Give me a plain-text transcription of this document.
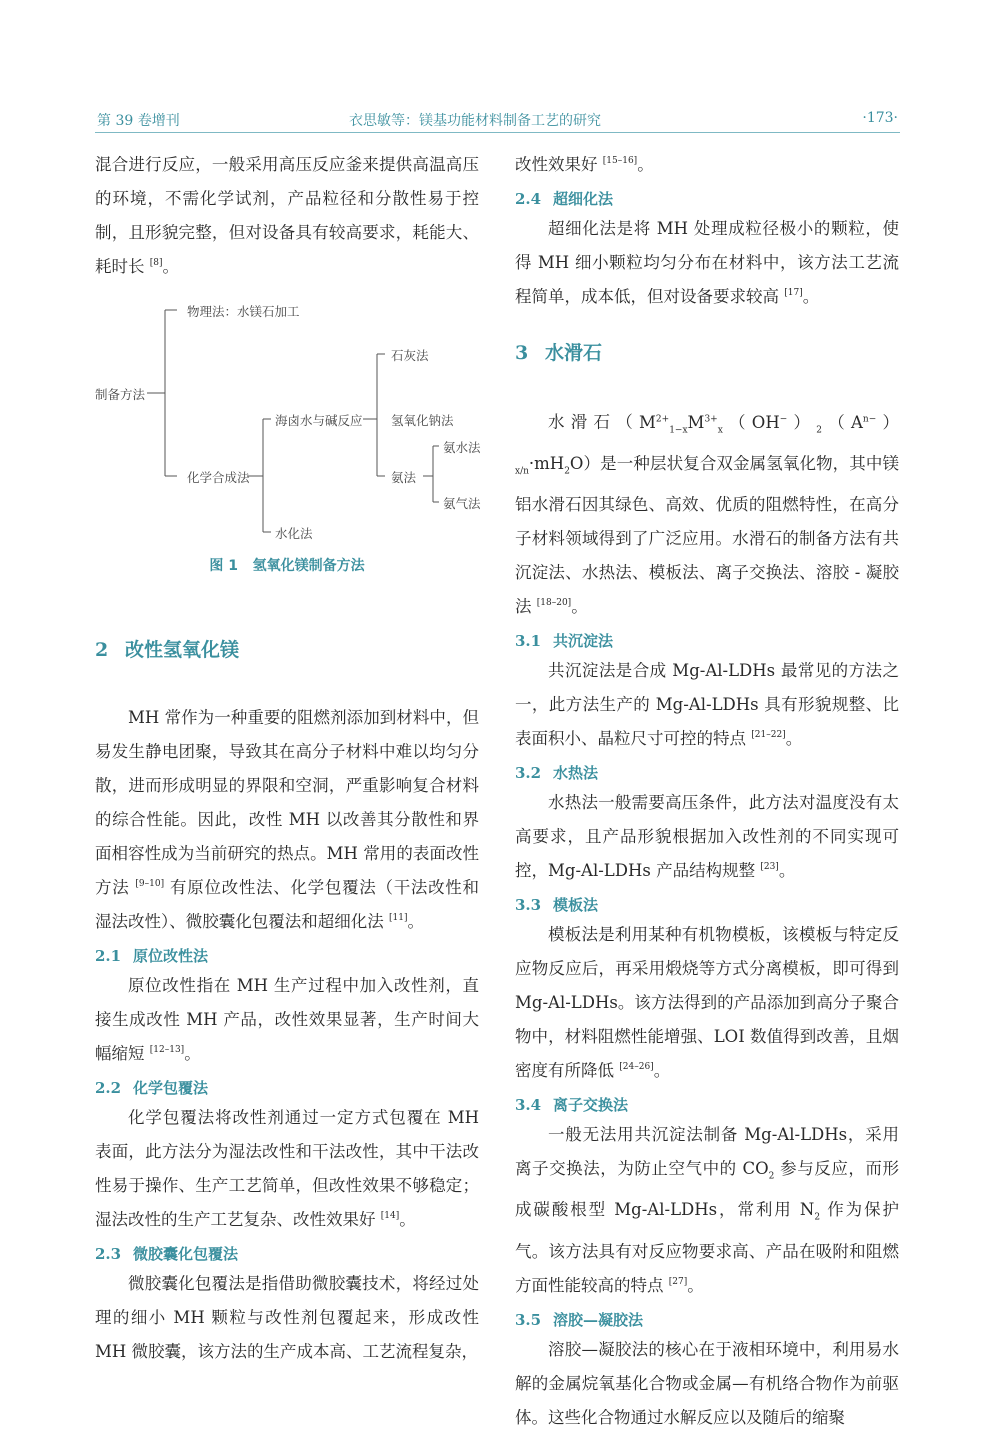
第 39 卷增刊	衣思敏等：镁基功能材料制备工艺的研究	·173·

混合进行反应，一般采用高压反应釜来提供高温高压的环境，不需化学试剂，产品粒径和分散性易于控制，且形貌完整，但对设备具有较高要求，耗能大、耗时长 [8]。

制备方法
物理法：水镁石加工
化学合成法
海卤水与碱反应
石灰法
氢氧化钠法
氨法
氨水法
氨气法
水化法
图 1 氢氧化镁制备方法

2 改性氢氧化镁

MH 常作为一种重要的阻燃剂添加到材料中，但易发生静电团聚，导致其在高分子材料中难以均匀分散，进而形成明显的界限和空洞，严重影响复合材料的综合性能。因此，改性 MH 以改善其分散性和界面相容性成为当前研究的热点。MH 常用的表面改性方法 [9–10] 有原位改性法、化学包覆法（干法改性和湿法改性）、微胶囊化包覆法和超细化法 [11]。

2.1 原位改性法

原位改性指在 MH 生产过程中加入改性剂，直接生成改性 MH 产品，改性效果显著，生产时间大幅缩短 [12–13]。

2.2 化学包覆法

化学包覆法将改性剂通过一定方式包覆在 MH 表面，此方法分为湿法改性和干法改性，其中干法改性易于操作、生产工艺简单，但改性效果不够稳定；湿法改性的生产工艺复杂、改性效果好 [14]。

2.3 微胶囊化包覆法

微胶囊化包覆法是指借助微胶囊技术，将经过处理的细小 MH 颗粒与改性剂包覆起来，形成改性 MH 微胶囊，该方法的生产成本高、工艺流程复杂，

改性效果好 [15–16]。

2.4 超细化法

超细化法是将 MH 处理成粒径极小的颗粒，使得 MH 细小颗粒均匀分布在材料中，该方法工艺流程简单，成本低，但对设备要求较高 [17]。

3 水滑石

水滑石$(M^{2+}_{1-x}M^{3+}_x(OH^-)_2(A^{n-})_{x/n}\cdot mH_2O)$是一种层状复合双金属氢氧化物，其中镁铝水滑石因其绿色、高效、优质的阻燃特性，在高分子材料领域得到了广泛应用。水滑石的制备方法有共沉淀法、水热法、模板法、离子交换法、溶胶 - 凝胶法 [18–20]。

3.1 共沉淀法

共沉淀法是合成 Mg-Al-LDHs 最常见的方法之一，此方法生产的 Mg-Al-LDHs 具有形貌规整、比表面积小、晶粒尺寸可控的特点 [21–22]。

3.2 水热法

水热法一般需要高压条件，此方法对温度没有太高要求，且产品形貌根据加入改性剂的不同实现可控，Mg-Al-LDHs 产品结构规整 [23]。

3.3 模板法

模板法是利用某种有机物模板，该模板与特定反应物反应后，再采用煅烧等方式分离模板，即可得到 Mg-Al-LDHs。该方法得到的产品添加到高分子聚合物中，材料阻燃性能增强、LOI 数值得到改善，且烟密度有所降低 [24–26]。

3.4 离子交换法

一般无法用共沉淀法制备 Mg-Al-LDHs，采用离子交换法，为防止空气中的 $CO_2$ 参与反应，而形成碳酸根型 Mg-Al-LDHs，常利用 $N_2$ 作为保护气。该方法具有对反应物要求高、产品在吸附和阻燃方面性能较高的特点 [27]。

3.5 溶胶—凝胶法

溶胶—凝胶法的核心在于液相环境中，利用易水解的金属烷氧基化合物或金属—有机络合物作为前驱体。这些化合物通过水解反应以及随后的缩聚
